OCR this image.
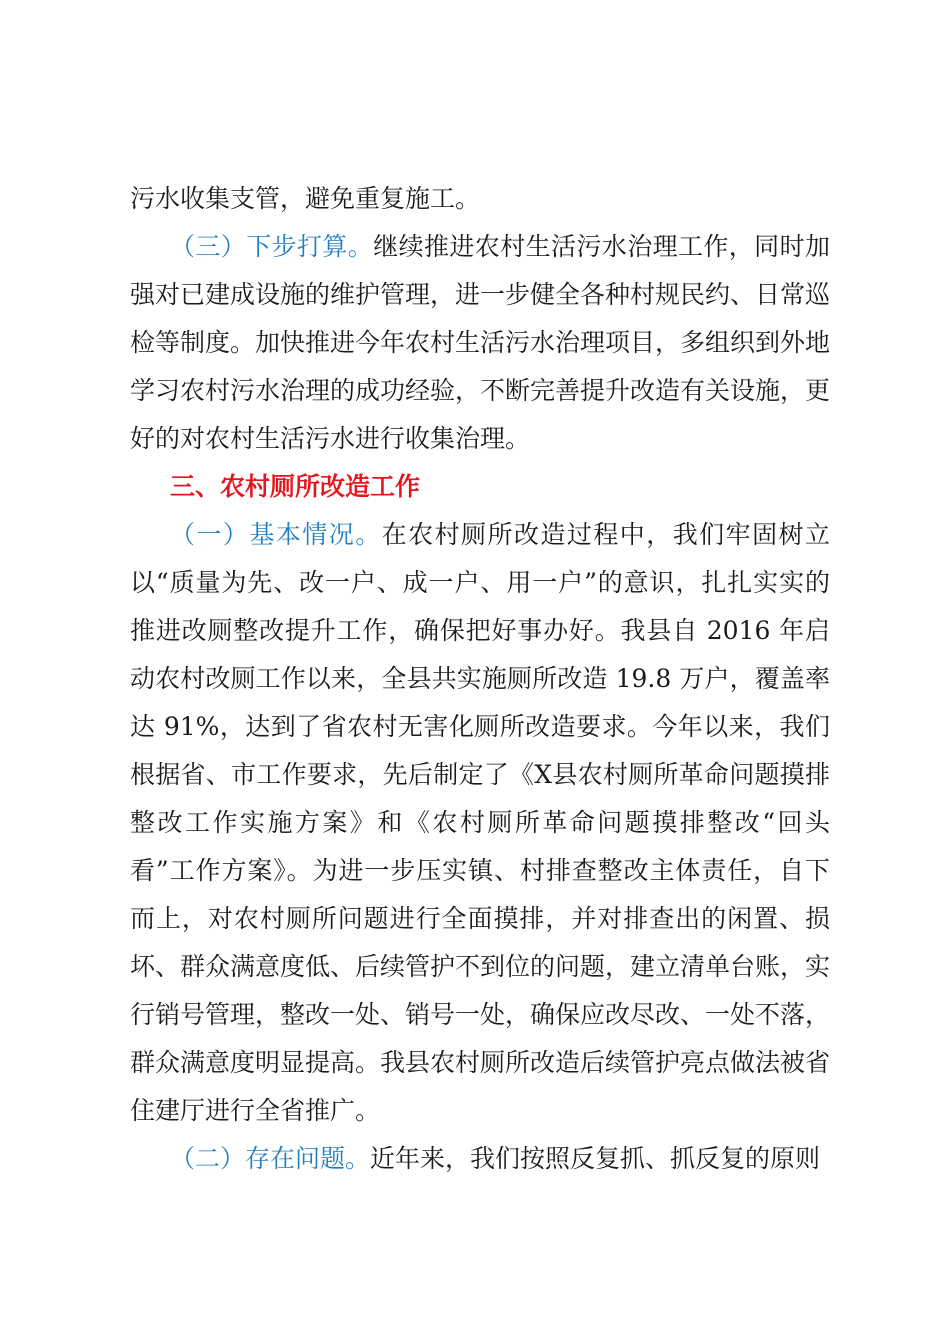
污水收集支管，避免重复施工。

（三）下步打算。继续推进农村生活污水治理工作，同时加强对已建成设施的维护管理，进一步健全各种村规民约、日常巡检等制度。加快推进今年农村生活污水治理项目，多组织到外地学习农村污水治理的成功经验，不断完善提升改造有关设施，更好的对农村生活污水进行收集治理。

三、农村厕所改造工作

（一）基本情况。在农村厕所改造过程中，我们牢固树立以“质量为先、改一户、成一户、用一户”的意识，扎扎实实的推进改厕整改提升工作，确保把好事办好。我县自 2016 年启动农村改厕工作以来，全县共实施厕所改造 19.8 万户，覆盖率达 91%，达到了省农村无害化厕所改造要求。今年以来，我们根据省、市工作要求，先后制定了《X县农村厕所革命问题摸排整改工作实施方案》和《农村厕所革命问题摸排整改“回头看”工作方案》。为进一步压实镇、村排查整改主体责任，自下而上，对农村厕所问题进行全面摸排，并对排查出的闲置、损坏、群众满意度低、后续管护不到位的问题，建立清单台账，实行销号管理，整改一处、销号一处，确保应改尽改、一处不落，群众满意度明显提高。我县农村厕所改造后续管护亮点做法被省住建厅进行全省推广。

（二）存在问题。近年来，我们按照反复抓、抓反复的原则
